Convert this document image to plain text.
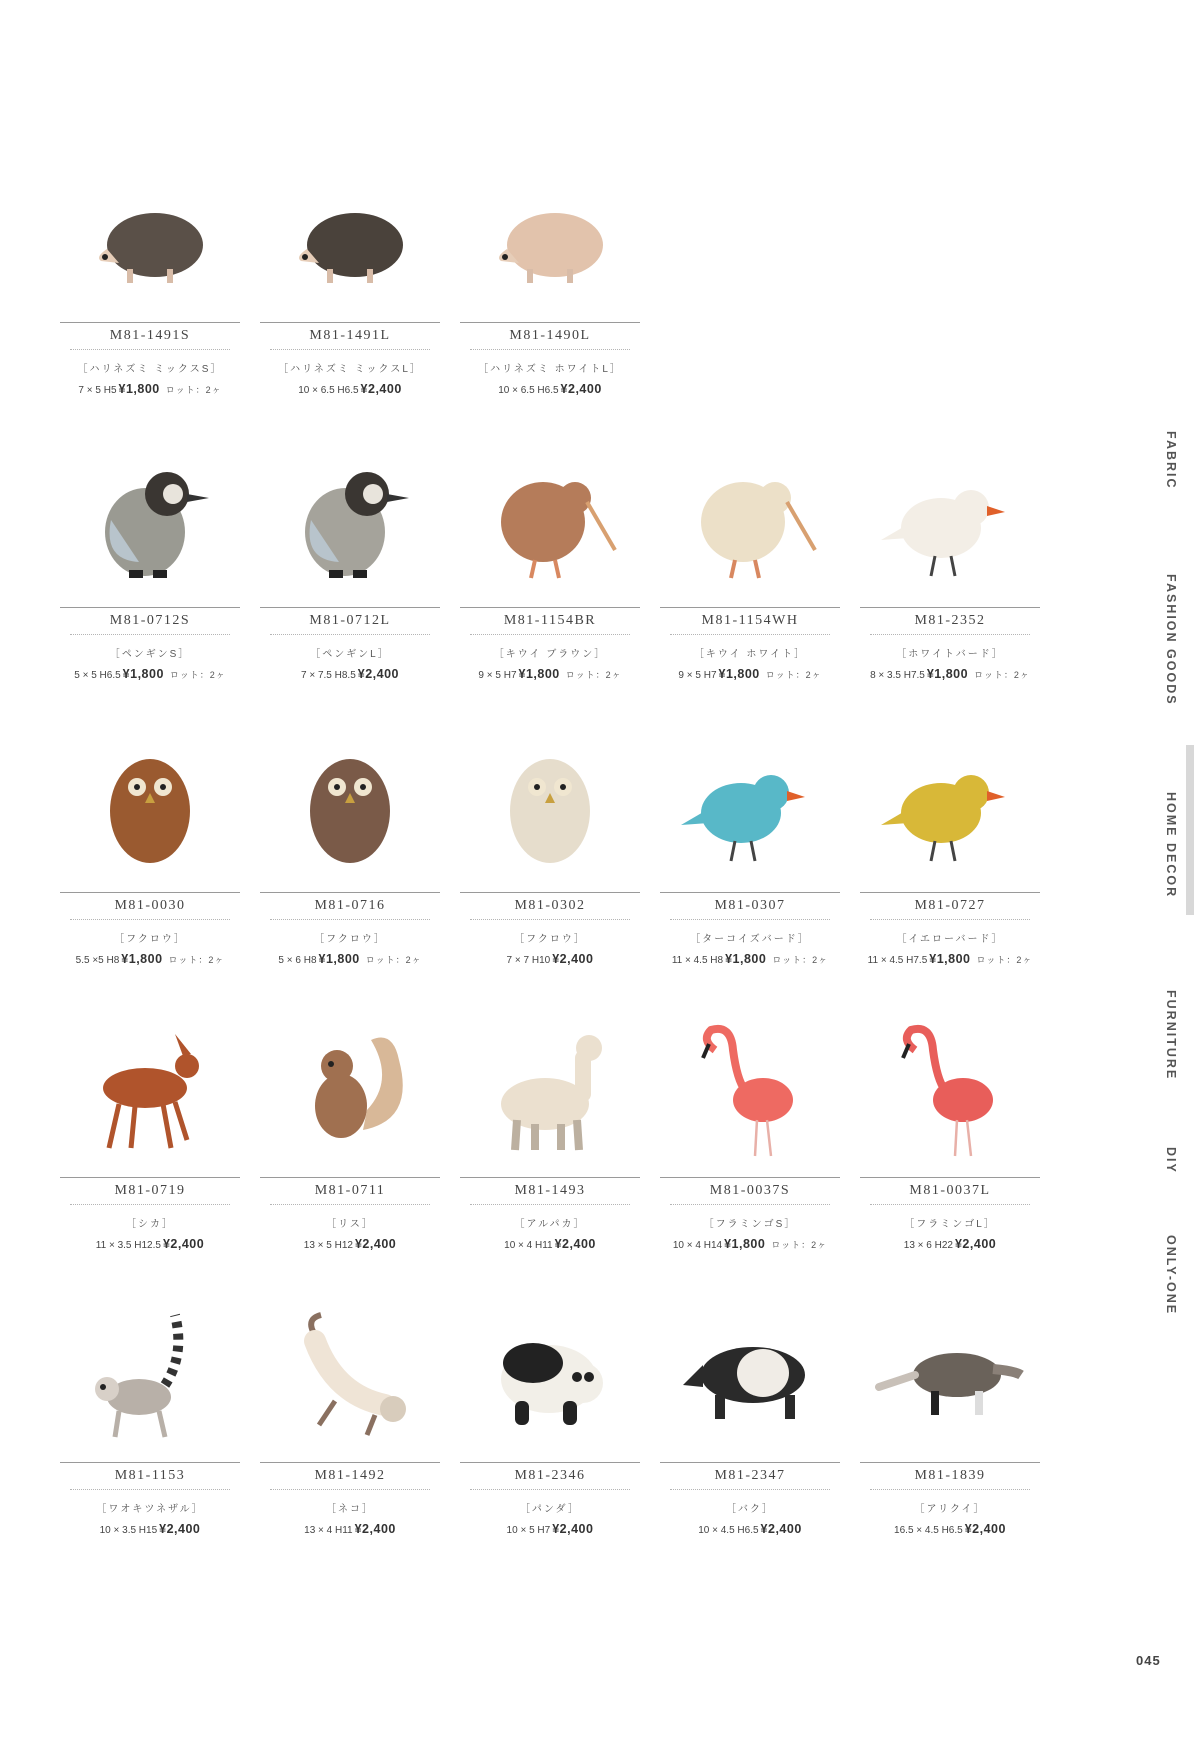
M81-1491S
［ハリネズミ ミックスS］
7 × 5 H5 ¥1,800 ロット：2ヶ
M81-1491L
［ハリネズミ ミックスL］
10 × 6.5 H6.5 ¥2,400
M81-1490L
［ハリネズミ ホワイトL］
10 × 6.5 H6.5 ¥2,400
M81-0712S
［ペンギンS］
5 × 5 H6.5 ¥1,800 ロット：2ヶ
M81-0712L
［ペンギンL］
7 × 7.5 H8.5 ¥2,400
M81-1154BR
［キウイ ブラウン］
9 × 5 H7 ¥1,800 ロット：2ヶ
M81-1154WH
［キウイ ホワイト］
9 × 5 H7 ¥1,800 ロット：2ヶ
M81-2352
［ホワイトバード］
8 × 3.5 H7.5 ¥1,800 ロット：2ヶ
M81-0030
［フクロウ］
5.5 ×5 H8 ¥1,800 ロット：2ヶ
M81-0716
［フクロウ］
5 × 6 H8 ¥1,800 ロット：2ヶ
M81-0302
［フクロウ］
7 × 7 H10 ¥2,400
M81-0307
［ターコイズバード］
11 × 4.5 H8 ¥1,800 ロット：2ヶ
M81-0727
［イエローバード］
11 × 4.5 H7.5 ¥1,800 ロット：2ヶ
M81-0719
［シカ］
11 × 3.5 H12.5 ¥2,400
M81-0711
［リス］
13 × 5 H12 ¥2,400
M81-1493
［アルパカ］
10 × 4 H11 ¥2,400
M81-0037S
［フラミンゴS］
10 × 4 H14 ¥1,800 ロット：2ヶ
M81-0037L
［フラミンゴL］
13 × 6 H22 ¥2,400
M81-1153
［ワオキツネザル］
10 × 3.5 H15 ¥2,400
M81-1492
［ネコ］
13 × 4 H11 ¥2,400
M81-2346
［パンダ］
10 × 5 H7 ¥2,400
M81-2347
［バク］
10 × 4.5 H6.5 ¥2,400
M81-1839
［アリクイ］
16.5 × 4.5 H6.5 ¥2,400
FABRIC
FASHION GOODS
HOME DECOR
FURNITURE
DIY
ONLY-ONE
045
